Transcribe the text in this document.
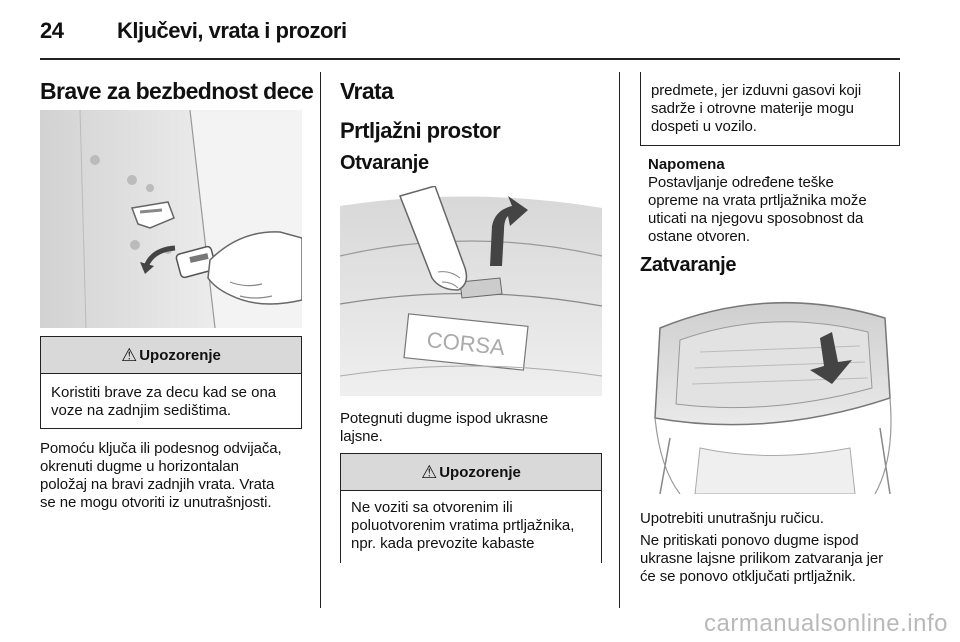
24 Ključevi, vrata i prozori
Brave za bezbednost dece
⚠ Upozorenje
Koristiti brave za decu kad se ona voze na zadnjim sedištima.
Pomoću ključa ili podesnog odvijača,
okrenuti dugme u horizontalan
položaj na bravi zadnjih vrata. Vrata
se ne mogu otvoriti iz unutrašnjosti.
Vrata
Prtljažni prostor
Otvaranje
CORSA
Potegnuti dugme ispod ukrasne
lajsne.
⚠ Upozorenje
Ne voziti sa otvorenim ili
poluotvorenim vratima prtljažnika,
npr. kada prevozite kabaste
predmete, jer izduvni gasovi koji
sadrže i otrovne materije mogu
dospeti u vozilo.
Napomena
Postavljanje određene teške
opreme na vrata prtljažnika može
uticati na njegovu sposobnost da
ostane otvoren.
Zatvaranje
Upotrebiti unutrašnju ručicu.
Ne pritiskati ponovo dugme ispod
ukrasne lajsne prilikom zatvaranja jer
će se ponovo otključati prtljažnik.
carmanualsonline.info
